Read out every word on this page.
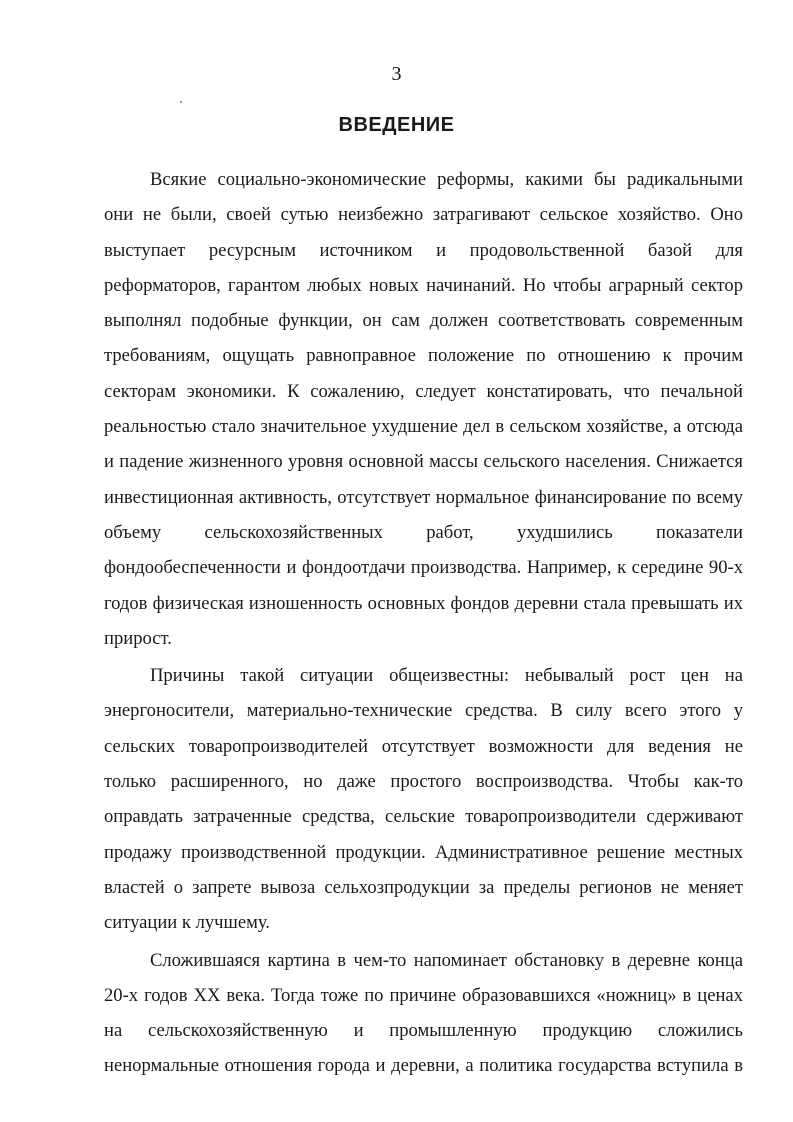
3
ВВЕДЕНИЕ
Всякие социально-экономические реформы, какими бы радикальными
они не были, своей сутью неизбежно затрагивают сельское хозяйство. Оно
выступает ресурсным источником и продовольственной базой для
реформаторов, гарантом любых новых начинаний. Но чтобы аграрный сектор
выполнял подобные функции, он сам должен соответствовать современным
требованиям, ощущать равноправное положение по отношению к прочим
секторам экономики. К сожалению, следует констатировать, что печальной
реальностью стало значительное ухудшение дел в сельском хозяйстве, а отсюда
и падение жизненного уровня основной массы сельского населения. Снижается
инвестиционная активность, отсутствует нормальное финансирование по всему
объему сельскохозяйственных работ, ухудшились показатели
фондообеспеченности и фондоотдачи производства. Например, к середине 90-х
годов физическая изношенность основных фондов деревни стала превышать их
прирост.
Причины такой ситуации общеизвестны: небывалый рост цен на
энергоносители, материально-технические средства. В силу всего этого у
сельских товаропроизводителей отсутствует возможности для ведения не
только расширенного, но даже простого воспроизводства. Чтобы как-то
оправдать затраченные средства, сельские товаропроизводители сдерживают
продажу производственной продукции. Административное решение местных
властей о запрете вывоза сельхозпродукции за пределы регионов не меняет
ситуации к лучшему.
Сложившаяся картина в чем-то напоминает обстановку в деревне конца
20-х годов XX века. Тогда тоже по причине образовавшихся «ножниц» в ценах
на сельскохозяйственную и промышленную продукцию сложились
ненормальные отношения города и деревни, а политика государства вступила в
